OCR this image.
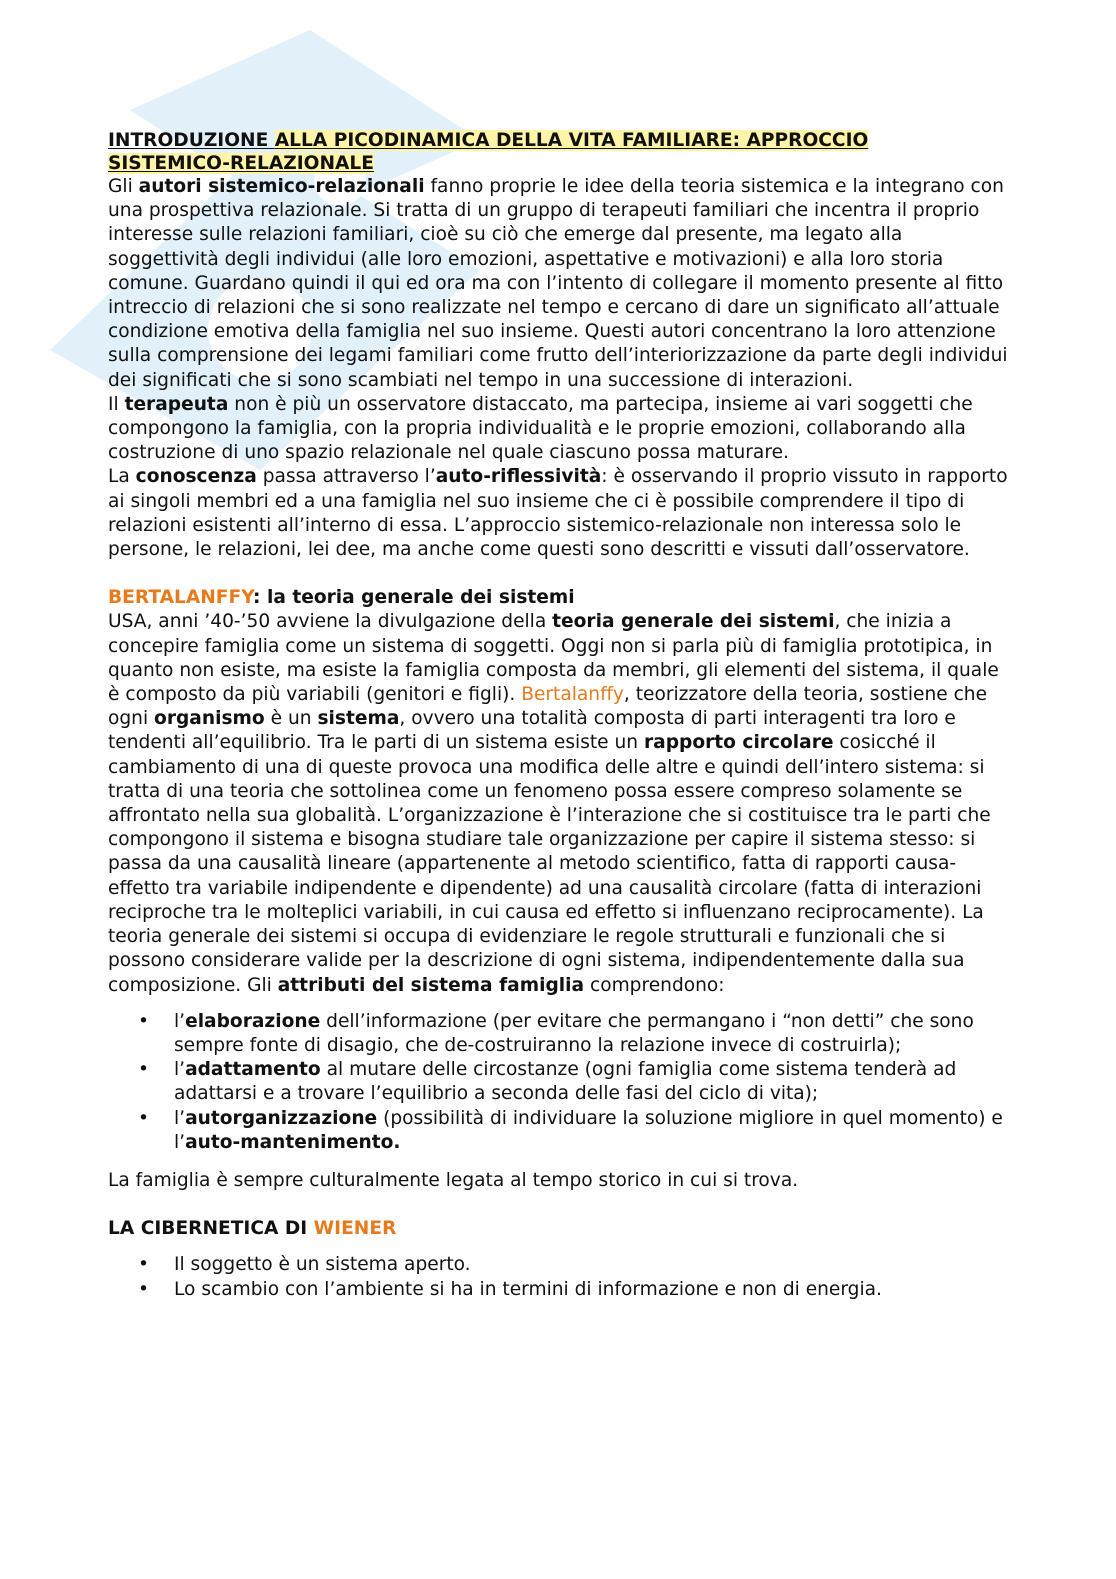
INTRODUZIONE ALLA PICODINAMICA DELLA VITA FAMILIARE: APPROCCIO
SISTEMICO-RELAZIONALE

Gli autori sistemico-relazionali fanno proprie le idee della teoria sistemica e la integrano con una prospettiva relazionale. Si tratta di un gruppo di terapeuti familiari che incentra il proprio interesse sulle relazioni familiari, cioè su ciò che emerge dal presente, ma legato alla soggettività degli individui (alle loro emozioni, aspettative e motivazioni) e alla loro storia comune. Guardano quindi il qui ed ora ma con l’intento di collegare il momento presente al fitto intreccio di relazioni che si sono realizzate nel tempo e cercano di dare un significato all’attuale condizione emotiva della famiglia nel suo insieme. Questi autori concentrano la loro attenzione sulla comprensione dei legami familiari come frutto dell’interiorizzazione da parte degli individui dei significati che si sono scambiati nel tempo in una successione di interazioni.

Il terapeuta non è più un osservatore distaccato, ma partecipa, insieme ai vari soggetti che compongono la famiglia, con la propria individualità e le proprie emozioni, collaborando alla costruzione di uno spazio relazionale nel quale ciascuno possa maturare.

La conoscenza passa attraverso l’auto-riflessività: è osservando il proprio vissuto in rapporto ai singoli membri ed a una famiglia nel suo insieme che ci è possibile comprendere il tipo di relazioni esistenti all’interno di essa. L’approccio sistemico-relazionale non interessa solo le persone, le relazioni, lei dee, ma anche come questi sono descritti e vissuti dall’osservatore.

BERTALANFFY: la teoria generale dei sistemi

USA, anni ’40-’50 avviene la divulgazione della teoria generale dei sistemi, che inizia a concepire famiglia come un sistema di soggetti. Oggi non si parla più di famiglia prototipica, in quanto non esiste, ma esiste la famiglia composta da membri, gli elementi del sistema, il quale è composto da più variabili (genitori e figli). Bertalanffy, teorizzatore della teoria, sostiene che ogni organismo è un sistema, ovvero una totalità composta di parti interagenti tra loro e tendenti all’equilibrio. Tra le parti di un sistema esiste un rapporto circolare cosicché il cambiamento di una di queste provoca una modifica delle altre e quindi dell’intero sistema: si tratta di una teoria che sottolinea come un fenomeno possa essere compreso solamente se affrontato nella sua globalità. L’organizzazione è l’interazione che si costituisce tra le parti che compongono il sistema e bisogna studiare tale organizzazione per capire il sistema stesso: si passa da una causalità lineare (appartenente al metodo scientifico, fatta di rapporti causa-effetto tra variabile indipendente e dipendente) ad una causalità circolare (fatta di interazioni reciproche tra le molteplici variabili, in cui causa ed effetto si influenzano reciprocamente). La teoria generale dei sistemi si occupa di evidenziare le regole strutturali e funzionali che si possono considerare valide per la descrizione di ogni sistema, indipendentemente dalla sua composizione. Gli attributi del sistema famiglia comprendono:

• l’elaborazione dell’informazione (per evitare che permangano i “non detti” che sono sempre fonte di disagio, che de-costruiranno la relazione invece di costruirla);
• l’adattamento al mutare delle circostanze (ogni famiglia come sistema tenderà ad adattarsi e a trovare l’equilibrio a seconda delle fasi del ciclo di vita);
• l’autorganizzazione (possibilità di individuare la soluzione migliore in quel momento) e l’auto-mantenimento.

La famiglia è sempre culturalmente legata al tempo storico in cui si trova.

LA CIBERNETICA DI WIENER
• Il soggetto è un sistema aperto.
• Lo scambio con l’ambiente si ha in termini di informazione e non di energia.
